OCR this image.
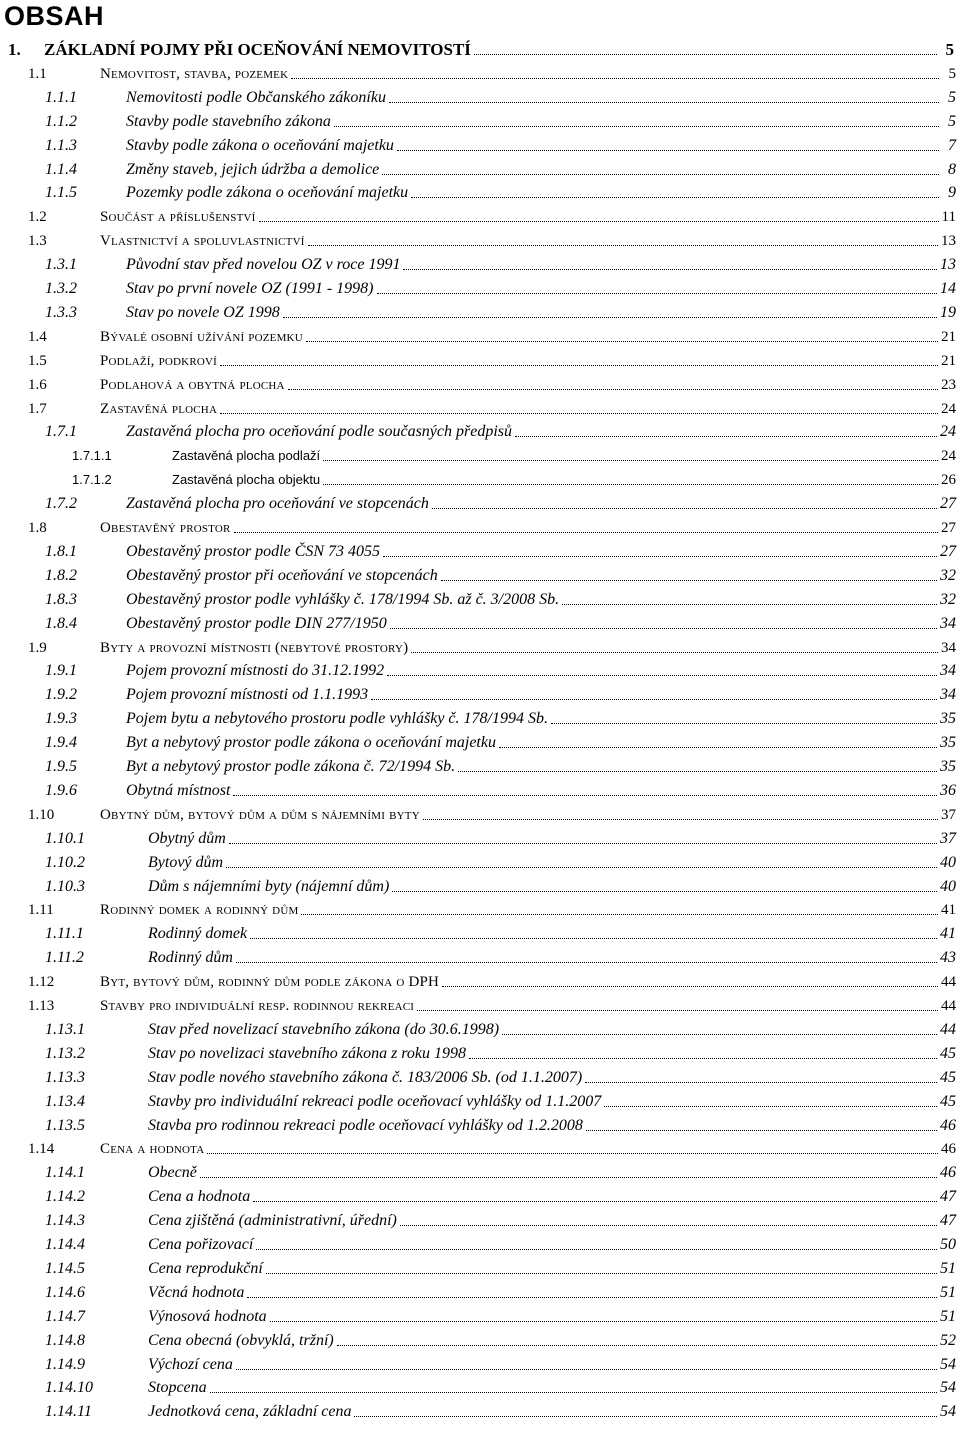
OBSAH
1.	ZÁKLADNÍ POJMY PŘI OCEŇOVÁNÍ NEMOVITOSTÍ	5
1.1	Nemovitost, stavba, pozemek	5
1.1.1	Nemovitosti podle Občanského zákoníku	5
1.1.2	Stavby podle stavebního zákona	5
1.1.3	Stavby podle zákona o oceňování majetku	7
1.1.4	Změny staveb, jejich údržba a demolice	8
1.1.5	Pozemky podle zákona o oceňování majetku	9
1.2	Součást a příslušenství	11
1.3	Vlastnictví a spoluvlastnictví	13
1.3.1	Původní stav před novelou OZ v roce 1991	13
1.3.2	Stav po první novele OZ (1991 - 1998)	14
1.3.3	Stav po novele OZ 1998	19
1.4	Bývalé osobní užívání pozemku	21
1.5	Podlaží, podkroví	21
1.6	Podlahová a obytná plocha	23
1.7	Zastavěná plocha	24
1.7.1	Zastavěná plocha pro oceňování podle současných předpisů	24
1.7.1.1	Zastavěná plocha podlaží	24
1.7.1.2	Zastavěná plocha objektu	26
1.7.2	Zastavěná plocha pro oceňování ve stopcenách	27
1.8	Obestavěný prostor	27
1.8.1	Obestavěný prostor podle ČSN 73 4055	27
1.8.2	Obestavěný prostor při oceňování ve stopcenách	32
1.8.3	Obestavěný prostor podle vyhlášky č. 178/1994 Sb. až č. 3/2008 Sb.	32
1.8.4	Obestavěný prostor podle DIN 277/1950	34
1.9	Byty a provozní místnosti (nebytové prostory)	34
1.9.1	Pojem provozní místnosti do 31.12.1992	34
1.9.2	Pojem provozní místnosti od 1.1.1993	34
1.9.3	Pojem bytu a nebytového prostoru podle vyhlášky č. 178/1994 Sb.	35
1.9.4	Byt a nebytový prostor podle zákona o oceňování majetku	35
1.9.5	Byt a nebytový prostor podle zákona č. 72/1994 Sb.	35
1.9.6	Obytná místnost	36
1.10	Obytný dům, bytový dům a dům s nájemními byty	37
1.10.1	Obytný dům	37
1.10.2	Bytový dům	40
1.10.3	Dům s nájemními byty (nájemní dům)	40
1.11	Rodinný domek a rodinný dům	41
1.11.1	Rodinný domek	41
1.11.2	Rodinný dům	43
1.12	Byt, bytový dům, rodinný dům podle zákona o DPH	44
1.13	Stavby pro individuální resp. rodinnou rekreaci	44
1.13.1	Stav před novelizací stavebního zákona (do 30.6.1998)	44
1.13.2	Stav po novelizaci stavebního zákona z roku 1998	45
1.13.3	Stav podle nového stavebního zákona č. 183/2006 Sb. (od 1.1.2007)	45
1.13.4	Stavby pro individuální rekreaci podle oceňovací vyhlášky od 1.1.2007	45
1.13.5	Stavba pro rodinnou rekreaci podle oceňovací vyhlášky od 1.2.2008	46
1.14	Cena a hodnota	46
1.14.1	Obecně	46
1.14.2	Cena a hodnota	47
1.14.3	Cena zjištěná (administrativní, úřední)	47
1.14.4	Cena pořizovací	50
1.14.5	Cena reprodukční	51
1.14.6	Věcná hodnota	51
1.14.7	Výnosová hodnota	51
1.14.8	Cena obecná (obvyklá, tržní)	52
1.14.9	Výchozí cena	54
1.14.10	Stopcena	54
1.14.11	Jednotková cena, základní cena	54
